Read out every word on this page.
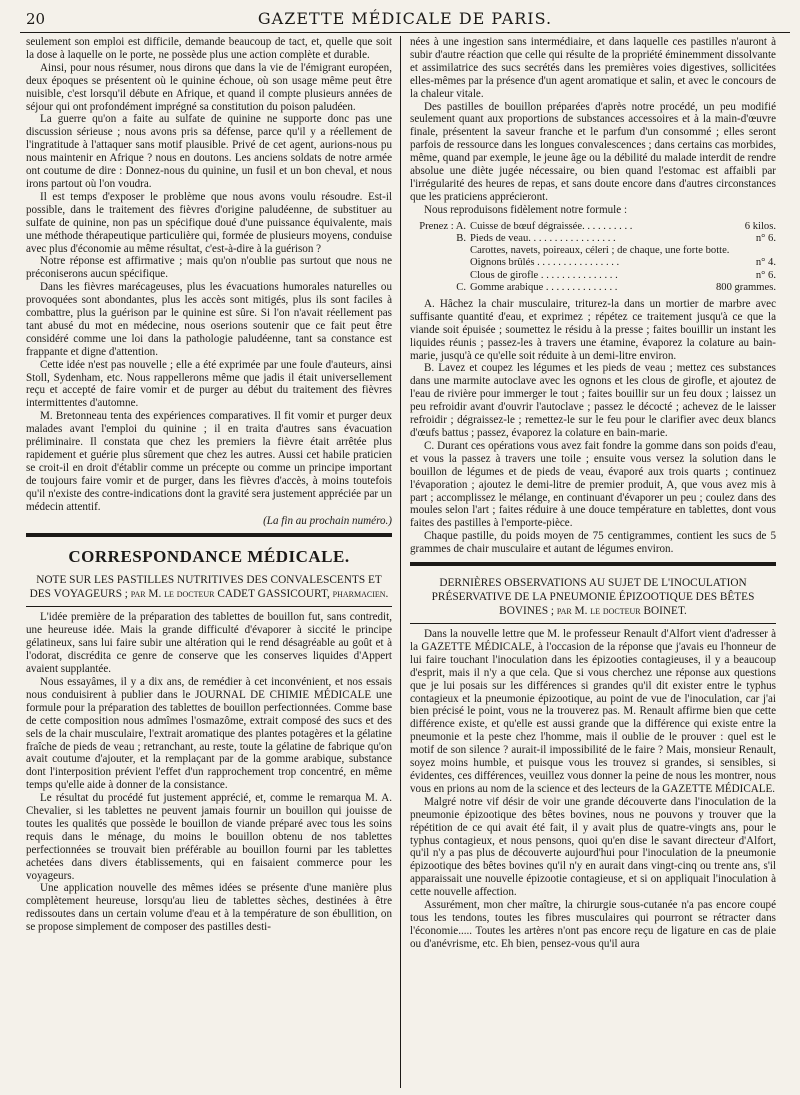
20	GAZETTE MÉDICALE DE PARIS.

seulement son emploi est difficile, demande beaucoup de tact, et, quelle que soit la dose à laquelle on le porte, ne possède plus une action complète et durable.

Ainsi, pour nous résumer, nous dirons que dans la vie de l'émigrant européen, deux époques se présentent où le quinine échoue, où son usage même peut être nuisible, c'est lorsqu'il débute en Afrique, et quand il compte plusieurs années de séjour qui ont profondément imprégné sa constitution du poison paludéen.

La guerre qu'on a faite au sulfate de quinine ne supporte donc pas une discussion sérieuse ; nous avons pris sa défense, parce qu'il y a réellement de l'ingratitude à l'attaquer sans motif plausible. Privé de cet agent, aurions-nous pu nous maintenir en Afrique ? nous en doutons. Les anciens soldats de notre armée ont coutume de dire : Donnez-nous du quinine, un fusil et un bon cheval, et nous irons partout où l'on voudra.

Il est temps d'exposer le problème que nous avons voulu résoudre. Est-il possible, dans le traitement des fièvres d'origine paludéenne, de substituer au sulfate de quinine, non pas un spécifique doué d'une puissance équivalente, mais une méthode thérapeutique particulière qui, formée de plusieurs moyens, conduise avec plus d'économie au même résultat, c'est-à-dire à la guérison ?

Notre réponse est affirmative ; mais qu'on n'oublie pas surtout que nous ne préconiserons aucun spécifique.

Dans les fièvres marécageuses, plus les évacuations humorales naturelles ou provoquées sont abondantes, plus les accès sont mitigés, plus ils sont faciles à combattre, plus la guérison par le quinine est sûre. Si l'on n'avait réellement pas tant abusé du mot en médecine, nous oserions soutenir que ce fait peut être considéré comme une loi dans la pathologie paludéenne, tant sa constance est frappante et digne d'attention.

Cette idée n'est pas nouvelle ; elle a été exprimée par une foule d'auteurs, ainsi Stoll, Sydenham, etc. Nous rappellerons même que jadis il était universellement reçu et accepté de faire vomir et de purger au début du traitement des fièvres intermittentes d'automne.

M. Bretonneau tenta des expériences comparatives. Il fit vomir et purger deux malades avant l'emploi du quinine ; il en traita d'autres sans évacuation préliminaire. Il constata que chez les premiers la fièvre était arrêtée plus rapidement et guérie plus sûrement que chez les autres. Aussi cet habile praticien se croit-il en droit d'établir comme un précepte ou comme un principe important de toujours faire vomir et de purger, dans les fièvres d'accès, à moins toutefois qu'il n'existe des contre-indications dont la gravité sera justement appréciée par un médecin attentif.

(La fin au prochain numéro.)
CORRESPONDANCE MÉDICALE.
NOTE SUR LES PASTILLES NUTRITIVES DES CONVALESCENTS ET DES VOYAGEURS ; par M. le docteur CADET GASSICOURT, pharmacien.

L'idée première de la préparation des tablettes de bouillon fut, sans contredit, une heureuse idée. Mais la grande difficulté d'évaporer à siccité le principe gélatineux, sans lui faire subir une altération qui le rend désagréable au goût et à l'odorat, discrédita ce genre de conserve que les conserves liquides d'Appert avaient supplantée.

Nous essayâmes, il y a dix ans, de remédier à cet inconvénient, et nos essais nous conduisirent à publier dans le JOURNAL DE CHIMIE MÉDICALE une formule pour la préparation des tablettes de bouillon perfectionnées. Comme base de cette composition nous admîmes l'osmazôme, extrait composé des sucs et des sels de la chair musculaire, l'extrait aromatique des plantes potagères et la gélatine fraîche de pieds de veau ; retranchant, au reste, toute la gélatine de fabrique qu'on avait coutume d'ajouter, et la remplaçant par de la gomme arabique, substance dont l'interposition prévient l'effet d'un rapprochement trop concentré, en même temps qu'elle aide à donner de la consistance.

Le résultat du procédé fut justement apprécié, et, comme le remarqua M. A. Chevalier, si les tablettes ne peuvent jamais fournir un bouillon qui jouisse de toutes les qualités que possède le bouillon de viande préparé avec tous les soins requis dans le ménage, du moins le bouillon obtenu de nos tablettes perfectionnées se trouvait bien préférable au bouillon fourni par les tablettes achetées dans divers établissements, qui en faisaient commerce pour les voyageurs.

Une application nouvelle des mêmes idées se présente d'une manière plus complètement heureuse, lorsqu'au lieu de tablettes sèches, destinées à être redissoutes dans un certain volume d'eau et à la température de son ébullition, on se propose simplement de composer des pastilles desti-

nées à une ingestion sans intermédiaire, et dans laquelle ces pastilles n'auront à subir d'autre réaction que celle qui résulte de la propriété éminemment dissolvante et assimilatrice des sucs secrétés dans les premières voies digestives, sollicitées elles-mêmes par la présence d'un agent aromatique et salin, et avec le concours de la chaleur vitale.

Des pastilles de bouillon préparées d'après notre procédé, un peu modifié seulement quant aux proportions de substances accessoires et à la main-d'œuvre finale, présentent la saveur franche et le parfum d'un consommé ; elles seront parfois de ressource dans les longues convalescences ; dans certains cas morbides, même, quand par exemple, le jeune âge ou la débilité du malade interdit de rendre absolue une diète jugée nécessaire, ou bien quand l'estomac est affaibli par l'irrégularité des heures de repas, et sans doute encore dans d'autres circonstances que les praticiens apprécieront.

Nous reproduisons fidèlement notre formule :

Prenez : A. Cuisse de bœuf dégraissée. . . . . . . . . .	6 kilos.
B. Pieds de veau. . . . . . . . . . . . . . . . .	n° 6.
Carottes, navets, poireaux, céleri ; de chaque, une forte botte.
Oignons brûlés . . . . . . . . . . . . . . . .	n° 4.
Clous de girofle . . . . . . . . . . . . . . .	n° 6.
C. Gomme arabique . . . . . . . . . . . . . .	800 grammes.

A. Hâchez la chair musculaire, triturez-la dans un mortier de marbre avec suffisante quantité d'eau, et exprimez ; répétez ce traitement jusqu'à ce que la viande soit épuisée ; soumettez le résidu à la presse ; faites bouillir un instant les liquides réunis ; passez-les à travers une étamine, évaporez la colature au bain-marie, jusqu'à ce qu'elle soit réduite à un demi-litre environ.

B. Lavez et coupez les légumes et les pieds de veau ; mettez ces substances dans une marmite autoclave avec les ognons et les clous de girofle, et ajoutez de l'eau de rivière pour immerger le tout ; faites bouillir sur un feu doux ; laissez un peu refroidir avant d'ouvrir l'autoclave ; passez le décocté ; achevez de le laisser refroidir ; dégraissez-le ; remettez-le sur le feu pour le clarifier avec deux blancs d'œufs battus ; passez, évaporez la colature en bain-marie.

C. Durant ces opérations vous avez fait fondre la gomme dans son poids d'eau, et vous la passez à travers une toile ; ensuite vous versez la solution dans le bouillon de légumes et de pieds de veau, évaporé aux trois quarts ; continuez l'évaporation ; ajoutez le demi-litre de premier produit, A, que vous avez mis à part ; accomplissez le mélange, en continuant d'évaporer un peu ; coulez dans des moules selon l'art ; faites réduire à une douce température en tablettes, dont vous faites des pastilles à l'emporte-pièce.

Chaque pastille, du poids moyen de 75 centigrammes, contient les sucs de 5 grammes de chair musculaire et autant de légumes environ.

DERNIÈRES OBSERVATIONS AU SUJET DE L'INOCULATION PRÉSERVATIVE DE LA PNEUMONIE ÉPIZOOTIQUE DES BÊTES BOVINES ; par M. le docteur BOINET.

Dans la nouvelle lettre que M. le professeur Renault d'Alfort vient d'adresser à la GAZETTE MÉDICALE, à l'occasion de la réponse que j'avais eu l'honneur de lui faire touchant l'inoculation dans les épizooties contagieuses, il y a beaucoup d'esprit, mais il n'y a que cela. Que si vous cherchez une réponse aux questions que je lui posais sur les différences si grandes qu'il dit exister entre le typhus contagieux et la pneumonie épizootique, au point de vue de l'inoculation, car j'ai bien précisé le point, vous ne la trouverez pas. M. Renault affirme bien que cette différence existe, et qu'elle est aussi grande que la différence qui existe entre la pneumonie et la peste chez l'homme, mais il oublie de le prouver : quel est le motif de son silence ? aurait-il impossibilité de le faire ? Mais, monsieur Renault, soyez moins humble, et puisque vous les trouvez si grandes, si sensibles, si évidentes, ces différences, veuillez vous donner la peine de nous les montrer, nous vous en prions au nom de la science et des lecteurs de la GAZETTE MÉDICALE.

Malgré notre vif désir de voir une grande découverte dans l'inoculation de la pneumonie épizootique des bêtes bovines, nous ne pouvons y trouver que la répétition de ce qui avait été fait, il y avait plus de quatre-vingts ans, pour le typhus contagieux, et nous pensons, quoi qu'en dise le savant directeur d'Alfort, qu'il n'y a pas plus de découverte aujourd'hui pour l'inoculation de la pneumonie épizootique des bêtes bovines qu'il n'y en aurait dans vingt-cinq ou trente ans, s'il apparaissait une nouvelle épizootie contagieuse, et si on appliquait l'inoculation à cette nouvelle affection.

Assurément, mon cher maître, la chirurgie sous-cutanée n'a pas encore coupé tous les tendons, toutes les fibres musculaires qui pourront se rétracter dans l'économie..... Toutes les artères n'ont pas encore reçu de ligature en cas de plaie ou d'anévrisme, etc. Eh bien, pensez-vous qu'il aura
